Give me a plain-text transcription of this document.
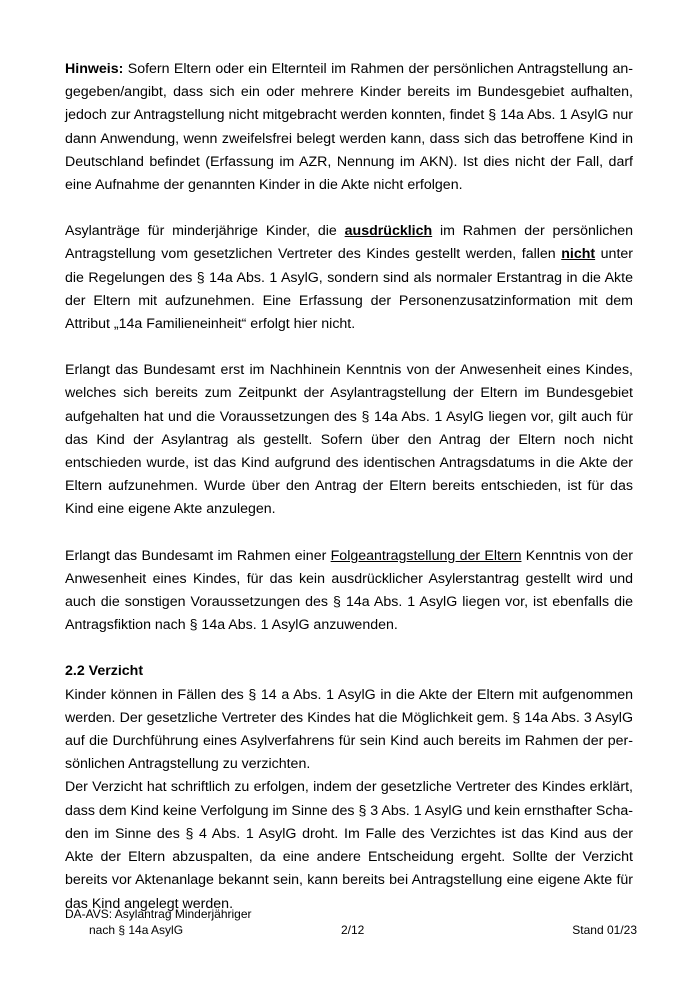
Hinweis: Sofern Eltern oder ein Elternteil im Rahmen der persönlichen Antragstellung angegeben/angibt, dass sich ein oder mehrere Kinder bereits im Bundesgebiet aufhalten, jedoch zur Antragstellung nicht mitgebracht werden konnten, findet § 14a Abs. 1 AsylG nur dann Anwendung, wenn zweifelsfrei belegt werden kann, dass sich das betroffene Kind in Deutschland befindet (Erfassung im AZR, Nennung im AKN). Ist dies nicht der Fall, darf eine Aufnahme der genannten Kinder in die Akte nicht erfolgen.

Asylanträge für minderjährige Kinder, die ausdrücklich im Rahmen der persönlichen Antragstellung vom gesetzlichen Vertreter des Kindes gestellt werden, fallen nicht unter die Regelungen des § 14a Abs. 1 AsylG, sondern sind als normaler Erstantrag in die Akte der Eltern mit aufzunehmen. Eine Erfassung der Personenzusatzinformation mit dem Attribut „14a Familieneinheit“ erfolgt hier nicht.

Erlangt das Bundesamt erst im Nachhinein Kenntnis von der Anwesenheit eines Kindes, welches sich bereits zum Zeitpunkt der Asylantragstellung der Eltern im Bundesgebiet aufgehalten hat und die Voraussetzungen des § 14a Abs. 1 AsylG liegen vor, gilt auch für das Kind der Asylantrag als gestellt. Sofern über den Antrag der Eltern noch nicht entschieden wurde, ist das Kind aufgrund des identischen Antragsdatums in die Akte der Eltern aufzunehmen. Wurde über den Antrag der Eltern bereits entschieden, ist für das Kind eine eigene Akte anzulegen.

Erlangt das Bundesamt im Rahmen einer Folgeantragstellung der Eltern Kenntnis von der Anwesenheit eines Kindes, für das kein ausdrücklicher Asylerstantrag gestellt wird und auch die sonstigen Voraussetzungen des § 14a Abs. 1 AsylG liegen vor, ist ebenfalls die Antragsfiktion nach § 14a Abs. 1 AsylG anzuwenden.

2.2 Verzicht

Kinder können in Fällen des § 14 a Abs. 1 AsylG in die Akte der Eltern mit aufgenommen werden. Der gesetzliche Vertreter des Kindes hat die Möglichkeit gem. § 14a Abs. 3 AsylG auf die Durchführung eines Asylverfahrens für sein Kind auch bereits im Rahmen der persönlichen Antragstellung zu verzichten.

Der Verzicht hat schriftlich zu erfolgen, indem der gesetzliche Vertreter des Kindes erklärt, dass dem Kind keine Verfolgung im Sinne des § 3 Abs. 1 AsylG und kein ernsthafter Schaden im Sinne des § 4 Abs. 1 AsylG droht. Im Falle des Verzichtes ist das Kind aus der Akte der Eltern abzuspalten, da eine andere Entscheidung ergeht. Sollte der Verzicht bereits vor Aktenanlage bekannt sein, kann bereits bei Antragstellung eine eigene Akte für das Kind angelegt werden.

DA-AVS: Asylantrag Minderjähriger
nach § 14a AsylG	2/12	Stand 01/23
